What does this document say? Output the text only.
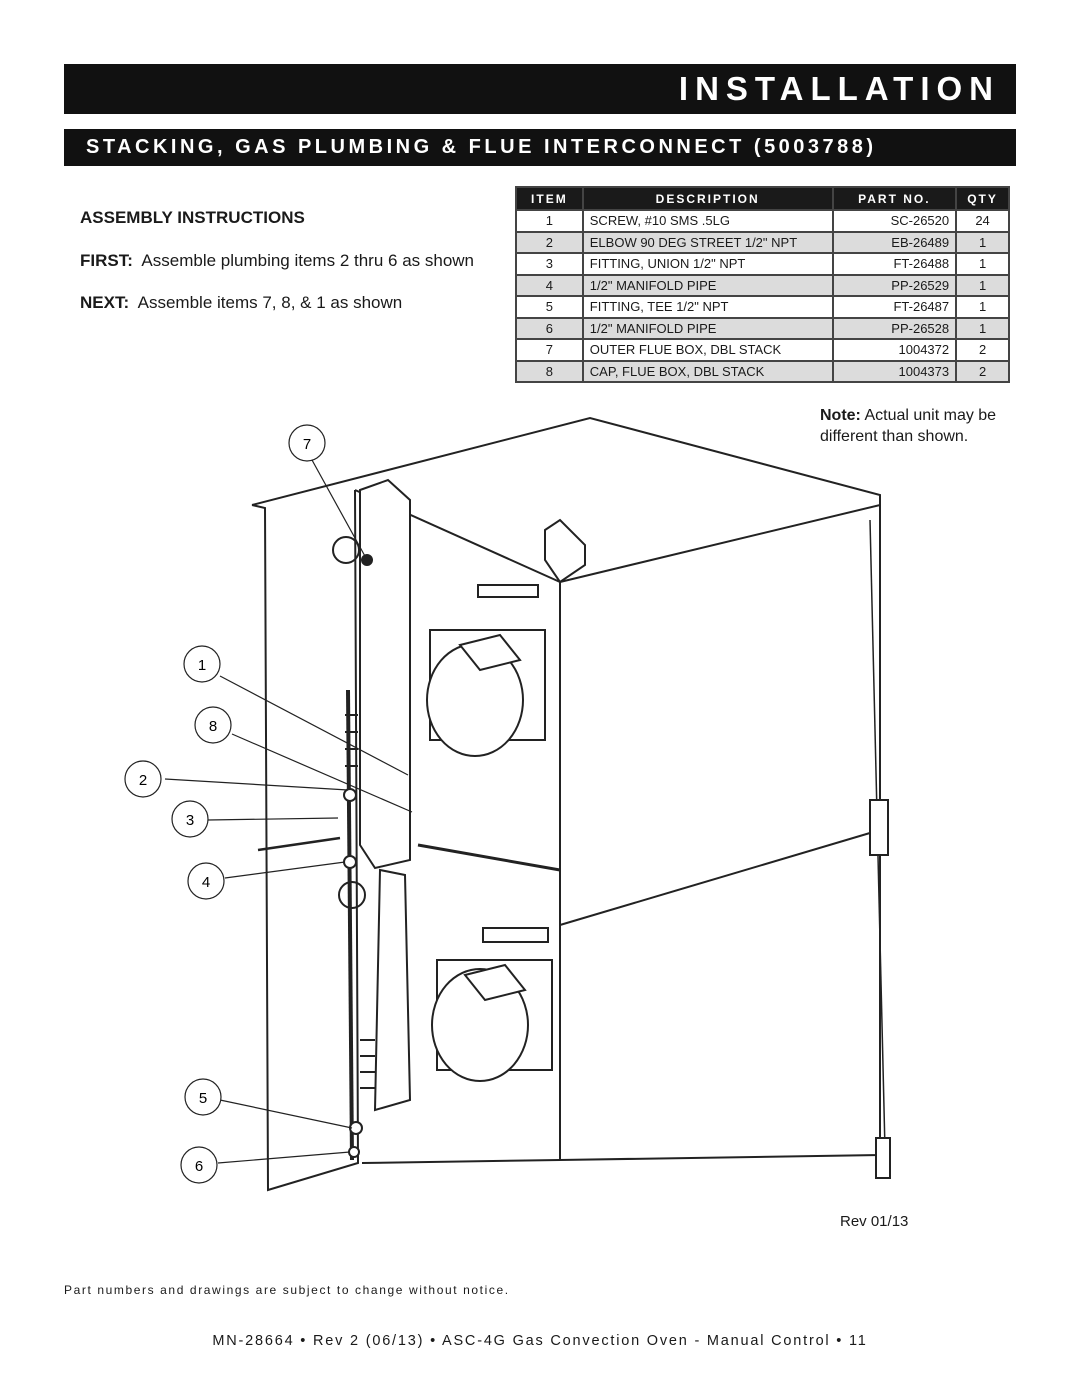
INSTALLATION
STACKING, GAS PLUMBING & FLUE INTERCONNECT (5003788)
ASSEMBLY INSTRUCTIONS
FIRST: Assemble plumbing items 2 thru 6 as shown
NEXT: Assemble items 7, 8, & 1 as shown
ITEM	DESCRIPTION	PART NO.	QTY
1	SCREW, #10 SMS .5LG	SC-26520	24
2	ELBOW 90 DEG STREET 1/2" NPT	EB-26489	1
3	FITTING, UNION 1/2" NPT	FT-26488	1
4	1/2" MANIFOLD PIPE	PP-26529	1
5	FITTING, TEE 1/2" NPT	FT-26487	1
6	1/2" MANIFOLD PIPE	PP-26528	1
7	OUTER FLUE BOX, DBL STACK	1004372	2
8	CAP, FLUE BOX, DBL STACK	1004373	2
Note: Actual unit may be
different than shown.
7
1
8
2
3
4
5
6
Rev 01/13
Part numbers and drawings are subject to change without notice.
MN-28664 • Rev 2 (06/13) • ASC-4G Gas Convection Oven - Manual Control • 11
